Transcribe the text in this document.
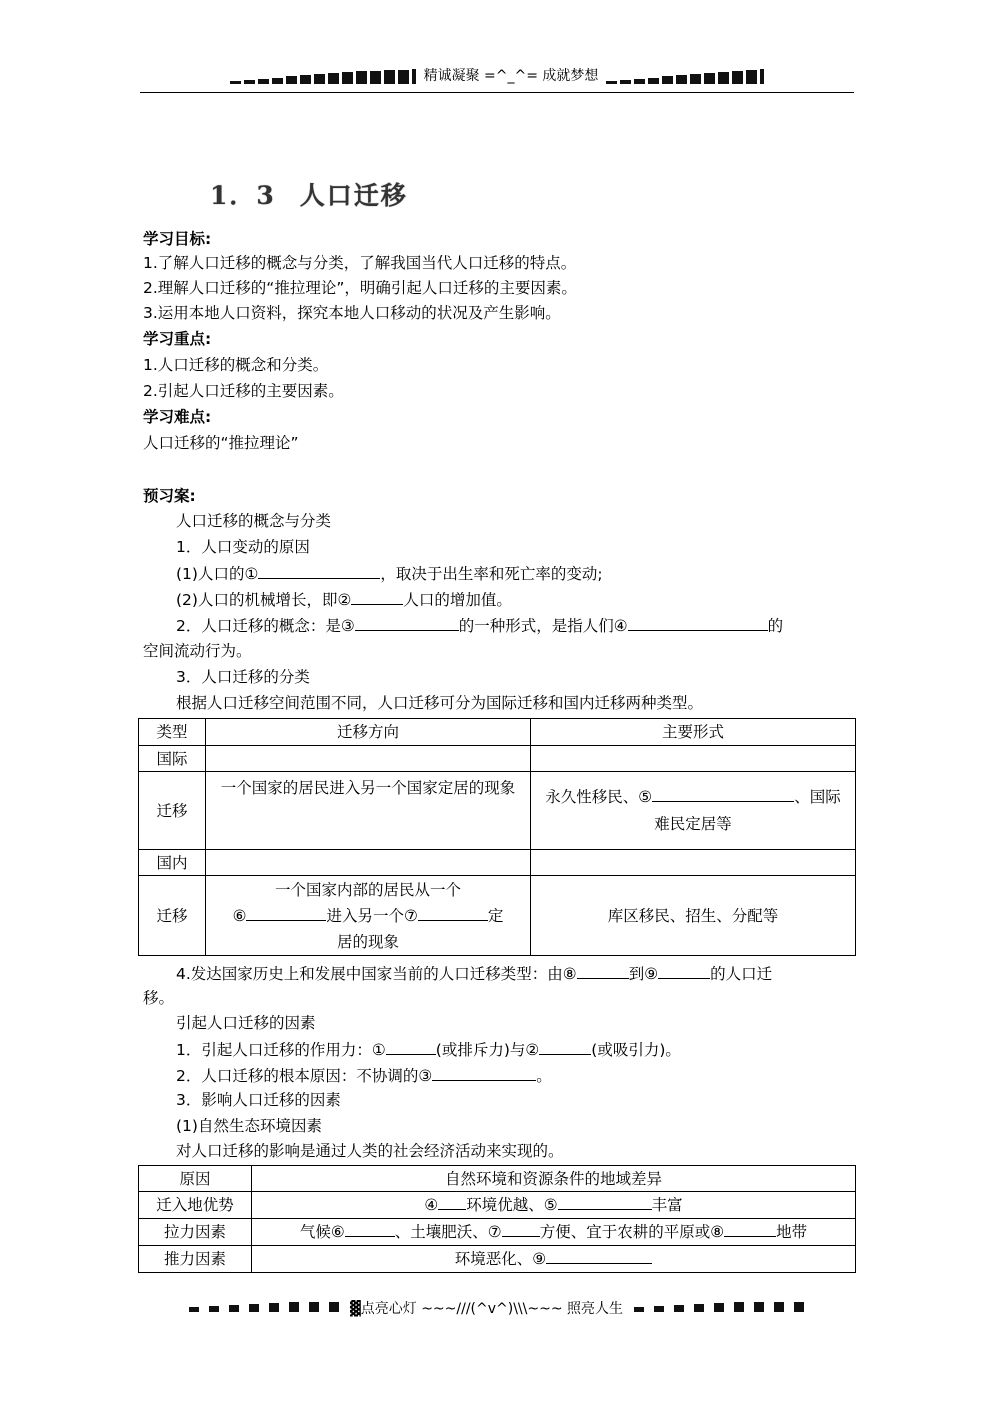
精诚凝聚 =^_^= 成就梦想
1．3 人口迁移
学习目标:
1.了解人口迁移的概念与分类，了解我国当代人口迁移的特点。
2.理解人口迁移的“推拉理论”，明确引起人口迁移的主要因素。
3.运用本地人口资料，探究本地人口移动的状况及产生影响。
学习重点:
1.人口迁移的概念和分类。
2.引起人口迁移的主要因素。
学习难点:
人口迁移的“推拉理论”
预习案:
人口迁移的概念与分类
1．人口变动的原因
(1)人口的①	，取决于出生率和死亡率的变动;
(2)人口的机械增长，即②	人口的增加值。
2．人口迁移的概念：是③	的一种形式，是指人们④	的
空间流动行为。
3．人口迁移的分类
根据人口迁移空间范围不同，人口迁移可分为国际迁移和国内迁移两种类型。
类型	迁移方向	主要形式
国际		
迁移	一个国家的居民进入另一个国家定居的现象	永久性移民、⑤ 、国际难民定居等
国内		
迁移	一个国家内部的居民从一个
⑥ 进入另一个⑦ 定
居的现象	库区移民、招生、分配等
4.发达国家历史上和发展中国家当前的人口迁移类型：由⑧	到⑨	的人口迁
移。
引起人口迁移的因素
1．引起人口迁移的作用力：①	(或排斥力)与②	(或吸引力)。
2．人口迁移的根本原因：不协调的③	。
3．影响人口迁移的因素
(1)自然生态环境因素
对人口迁移的影响是通过人类的社会经济活动来实现的。
原因	自然环境和资源条件的地域差异
迁入地优势	④ 环境优越、⑤ 丰富
拉力因素	气候⑥ 、土壤肥沃、⑦ 方便、宜于农耕的平原或⑧ 地带
推力因素	环境恶化、⑨
▓点亮心灯 ~~~///(^v^)\\\~~~ 照亮人生
